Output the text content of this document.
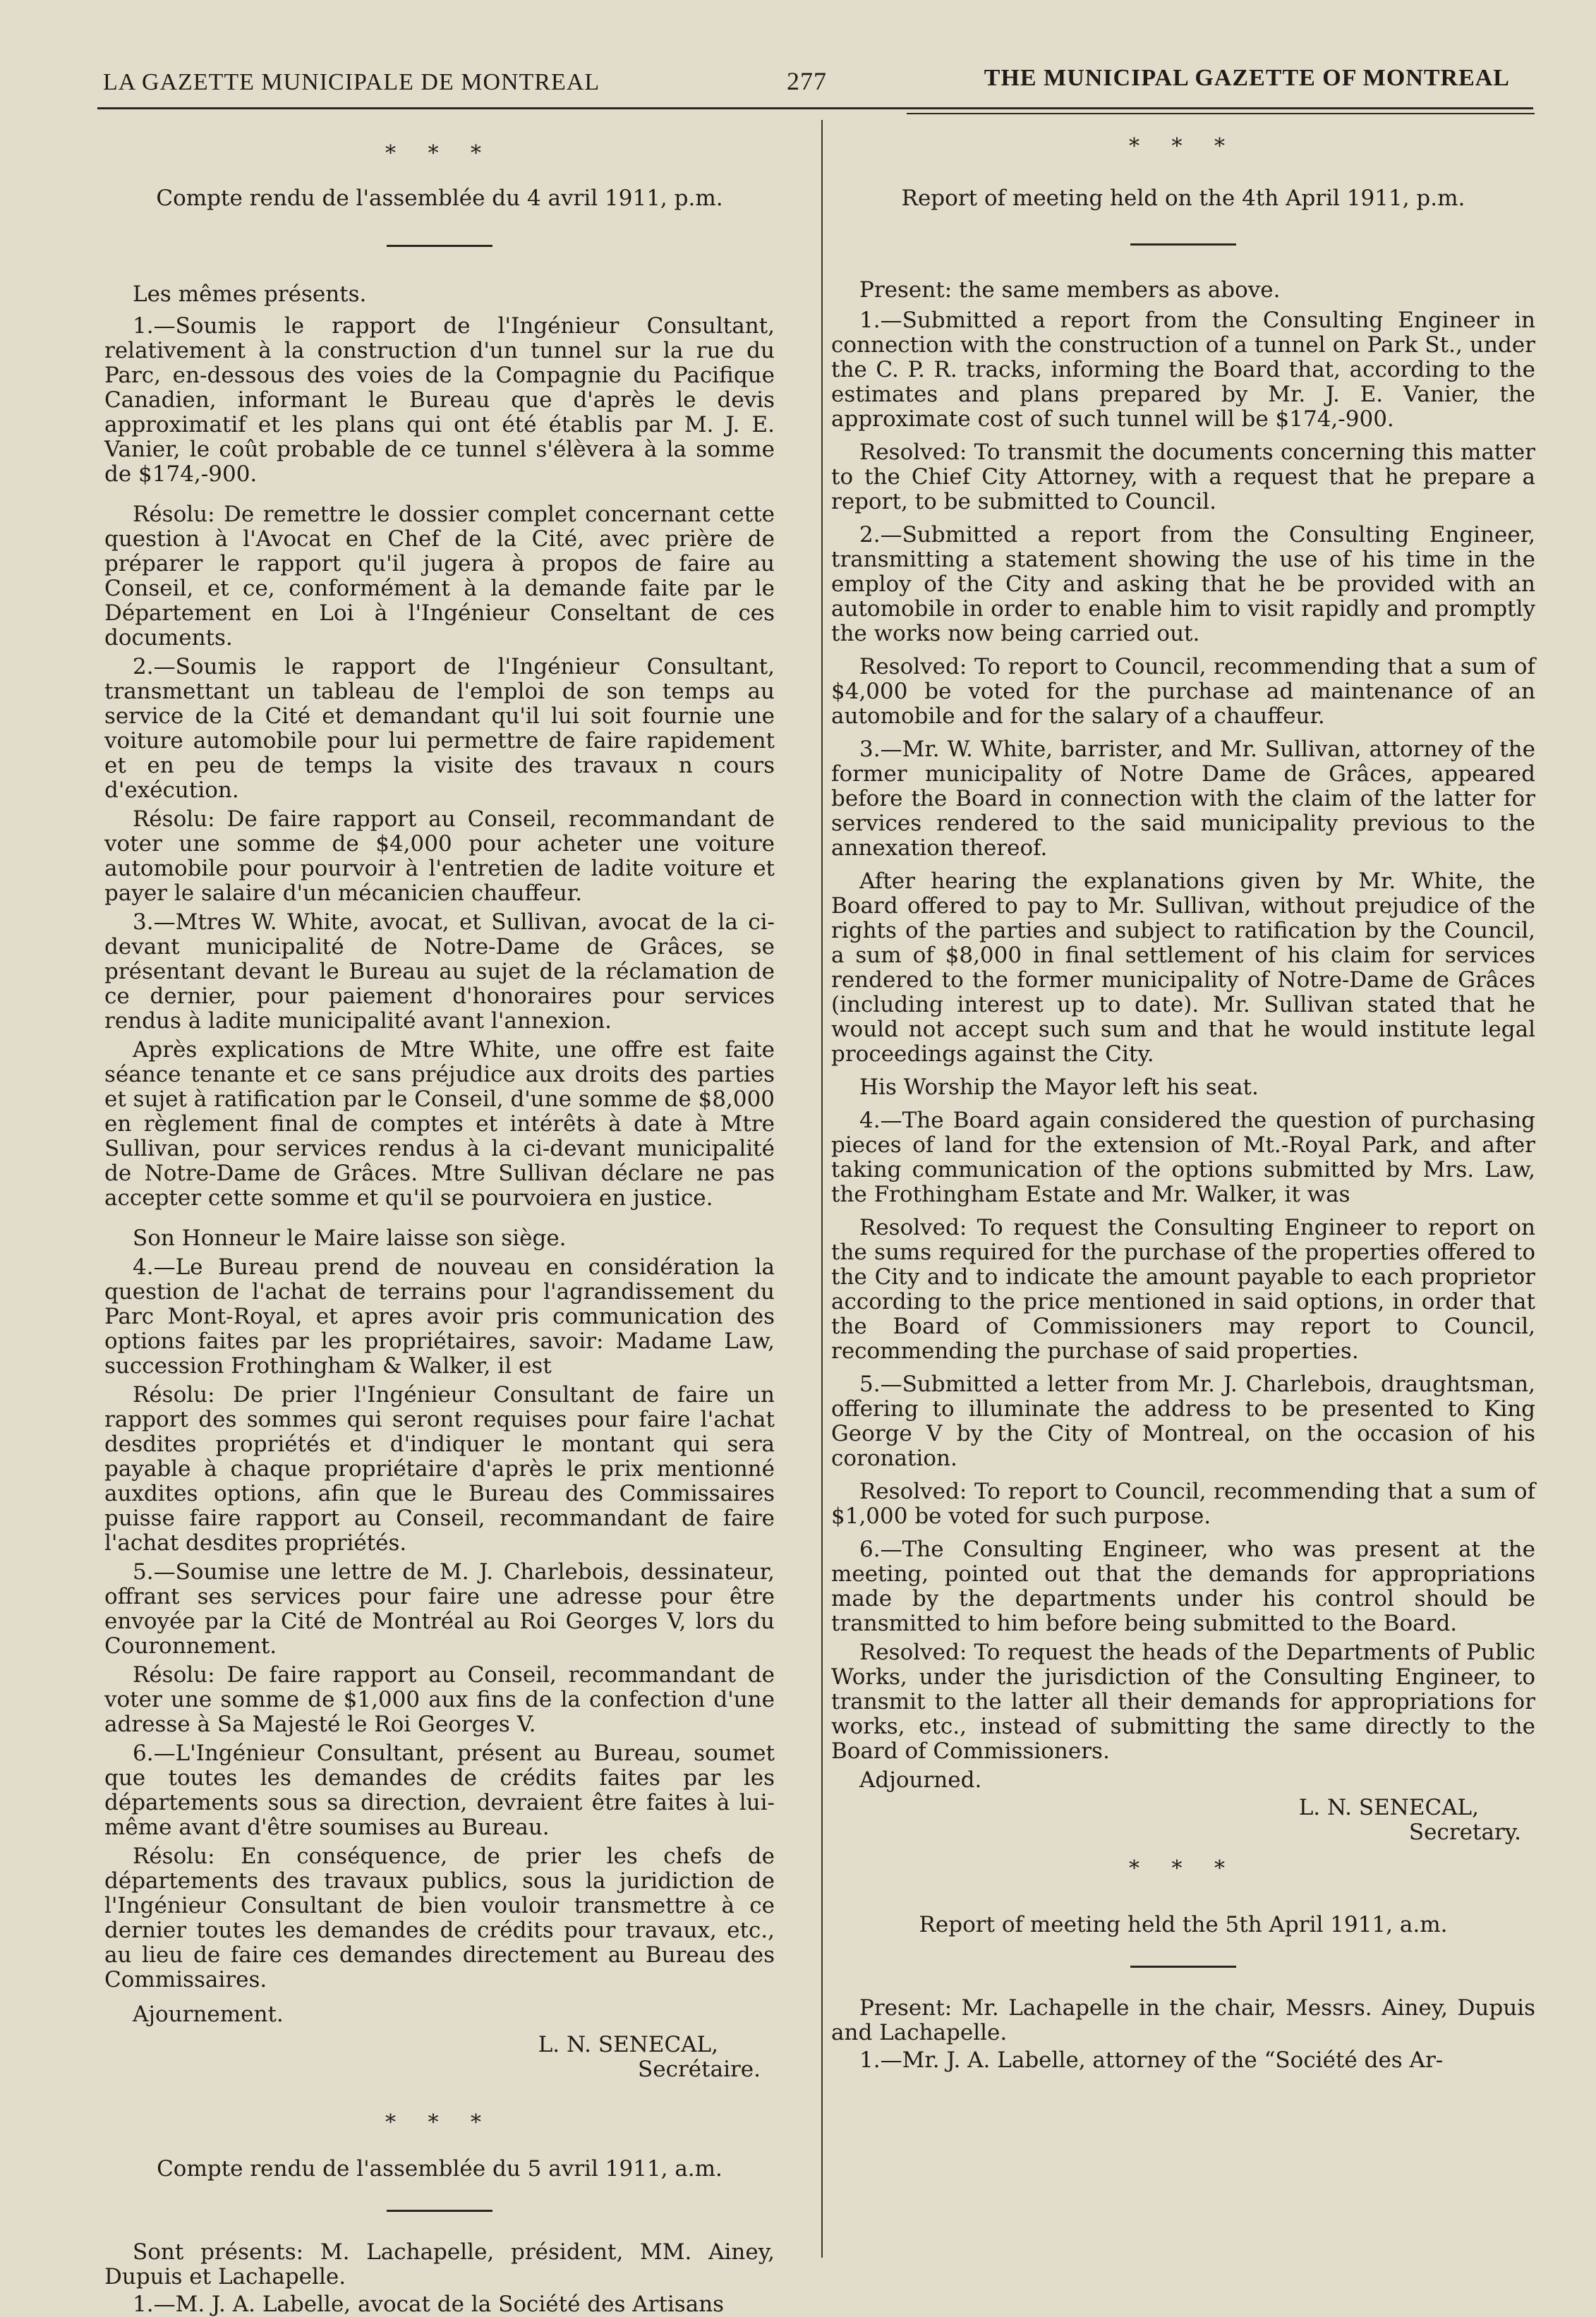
LA GAZETTE MUNICIPALE DE MONTREAL	277	THE MUNICIPAL GAZETTE OF MONTREAL

* * *

Compte rendu de l'assemblée du 4 avril 1911, p.m.

Les mêmes présents.

1.—Soumis le rapport de l'Ingénieur Consultant, relativement à la construction d'un tunnel sur la rue du Parc, en-dessous des voies de la Compagnie du Pacifique Canadien, informant le Bureau que d'après le devis approximatif et les plans qui ont été établis par M. J. E. Vanier, le coût probable de ce tunnel s'élèvera à la somme de $174,-900.

Résolu: De remettre le dossier complet concernant cette question à l'Avocat en Chef de la Cité, avec prière de préparer le rapport qu'il jugera à propos de faire au Conseil, et ce, conformément à la demande faite par le Département en Loi à l'Ingénieur Conseltant de ces documents.

2.—Soumis le rapport de l'Ingénieur Consultant, transmettant un tableau de l'emploi de son temps au service de la Cité et demandant qu'il lui soit fournie une voiture automobile pour lui permettre de faire rapidement et en peu de temps la visite des travaux n cours d'exécution.

Résolu: De faire rapport au Conseil, recommandant de voter une somme de $4,000 pour acheter une voiture automobile pour pourvoir à l'entretien de ladite voiture et payer le salaire d'un mécanicien chauffeur.

3.—Mtres W. White, avocat, et Sullivan, avocat de la ci-devant municipalité de Notre-Dame de Grâces, se présentant devant le Bureau au sujet de la réclamation de ce dernier, pour paiement d'honoraires pour services rendus à ladite municipalité avant l'annexion.

Après explications de Mtre White, une offre est faite séance tenante et ce sans préjudice aux droits des parties et sujet à ratification par le Conseil, d'une somme de $8,000 en règlement final de comptes et intérêts à date à Mtre Sullivan, pour services rendus à la ci-devant municipalité de Notre-Dame de Grâces. Mtre Sullivan déclare ne pas accepter cette somme et qu'il se pourvoiera en justice.

Son Honneur le Maire laisse son siège.

4.—Le Bureau prend de nouveau en considération la question de l'achat de terrains pour l'agrandissement du Parc Mont-Royal, et apres avoir pris communication des options faites par les propriétaires, savoir: Madame Law, succession Frothingham & Walker, il est

Résolu: De prier l'Ingénieur Consultant de faire un rapport des sommes qui seront requises pour faire l'achat desdites propriétés et d'indiquer le montant qui sera payable à chaque propriétaire d'après le prix mentionné auxdites options, afin que le Bureau des Commissaires puisse faire rapport au Conseil, recommandant de faire l'achat desdites propriétés.

5.—Soumise une lettre de M. J. Charlebois, dessinateur, offrant ses services pour faire une adresse pour être envoyée par la Cité de Montréal au Roi Georges V, lors du Couronnement.

Résolu: De faire rapport au Conseil, recommandant de voter une somme de $1,000 aux fins de la confection d'une adresse à Sa Majesté le Roi Georges V.

6.—L'Ingénieur Consultant, présent au Bureau, soumet que toutes les demandes de crédits faites par les départements sous sa direction, devraient être faites à lui-même avant d'être soumises au Bureau.

Résolu: En conséquence, de prier les chefs de départements des travaux publics, sous la juridiction de l'Ingénieur Consultant de bien vouloir transmettre à ce dernier toutes les demandes de crédits pour travaux, etc., au lieu de faire ces demandes directement au Bureau des Commissaires.

Ajournement.

L. N. SENECAL,

Secrétaire.

* * *

Compte rendu de l'assemblée du 5 avril 1911, a.m.

Sont présents: M. Lachapelle, président, MM. Ainey, Dupuis et Lachapelle.

1.—M. J. A. Labelle, avocat de la Société des Artisans

* * *

Report of meeting held on the 4th April 1911, p.m.

Present: the same members as above.

1.—Submitted a report from the Consulting Engineer in connection with the construction of a tunnel on Park St., under the C. P. R. tracks, informing the Board that, according to the estimates and plans prepared by Mr. J. E. Vanier, the approximate cost of such tunnel will be $174,-900.

Resolved: To transmit the documents concerning this matter to the Chief City Attorney, with a request that he prepare a report, to be submitted to Council.

2.—Submitted a report from the Consulting Engineer, transmitting a statement showing the use of his time in the employ of the City and asking that he be provided with an automobile in order to enable him to visit rapidly and promptly the works now being carried out.

Resolved: To report to Council, recommending that a sum of $4,000 be voted for the purchase ad maintenance of an automobile and for the salary of a chauffeur.

3.—Mr. W. White, barrister, and Mr. Sullivan, attorney of the former municipality of Notre Dame de Grâces, appeared before the Board in connection with the claim of the latter for services rendered to the said municipality previous to the annexation thereof.

After hearing the explanations given by Mr. White, the Board offered to pay to Mr. Sullivan, without prejudice of the rights of the parties and subject to ratification by the Council, a sum of $8,000 in final settlement of his claim for services rendered to the former municipality of Notre-Dame de Grâces (including interest up to date). Mr. Sullivan stated that he would not accept such sum and that he would institute legal proceedings against the City.

His Worship the Mayor left his seat.

4.—The Board again considered the question of purchasing pieces of land for the extension of Mt.-Royal Park, and after taking communication of the options submitted by Mrs. Law, the Frothingham Estate and Mr. Walker, it was

Resolved: To request the Consulting Engineer to report on the sums required for the purchase of the properties offered to the City and to indicate the amount payable to each proprietor according to the price mentioned in said options, in order that the Board of Commissioners may report to Council, recommending the purchase of said properties.

5.—Submitted a letter from Mr. J. Charlebois, draughtsman, offering to illuminate the address to be presented to King George V by the City of Montreal, on the occasion of his coronation.

Resolved: To report to Council, recommending that a sum of $1,000 be voted for such purpose.

6.—The Consulting Engineer, who was present at the meeting, pointed out that the demands for appropriations made by the departments under his control should be transmitted to him before being submitted to the Board.

Resolved: To request the heads of the Departments of Public Works, under the jurisdiction of the Consulting Engineer, to transmit to the latter all their demands for appropriations for works, etc., instead of submitting the same directly to the Board of Commissioners.

Adjourned.

L. N. SENECAL,

Secretary.

* * *

Report of meeting held the 5th April 1911, a.m.

Present: Mr. Lachapelle in the chair, Messrs. Ainey, Dupuis and Lachapelle.

1.—Mr. J. A. Labelle, attorney of the “Société des Ar-
